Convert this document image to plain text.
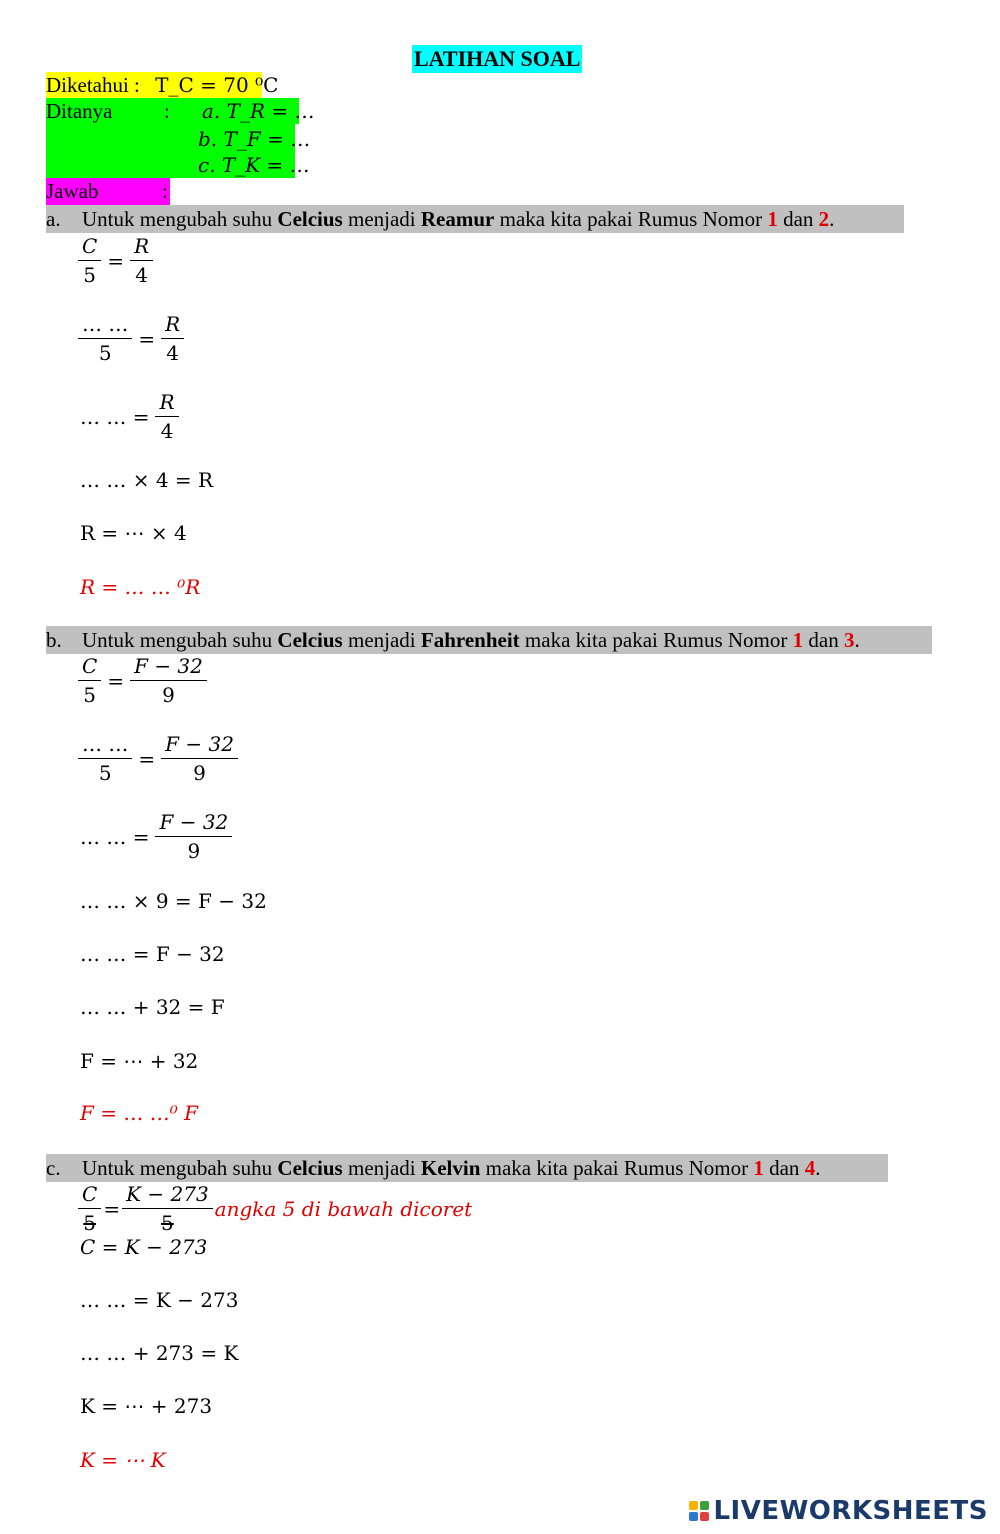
LATIHAN SOAL
Diketahui : T_C = 70 ⁰C
Ditanya : a. T_R = …
b. T_F = …
c. T_K = …
Jawab	:
a. Untuk mengubah suhu Celcius menjadi Reamur maka kita pakai Rumus Nomor 1 dan 2.
$\frac{C}{5} = \frac{R}{4}$
$\frac{\dots \dots}{5} = \frac{R}{4}$
… … = $\frac{R}{4}$
… … × 4 = R
R = ⋯ × 4
R = … … ⁰R
b. Untuk mengubah suhu Celcius menjadi Fahrenheit maka kita pakai Rumus Nomor 1 dan 3.
$\frac{C}{5} = \frac{F - 32}{9}$
$\frac{\dots \dots}{5} = \frac{F - 32}{9}$
… … = $\frac{F - 32}{9}$
… … × 9 = F − 32
… … = F − 32
… … + 32 = F
F = ⋯ + 32
F = … …⁰ F
c. Untuk mengubah suhu Celcius menjadi Kelvin maka kita pakai Rumus Nomor 1 dan 4.
$\frac{C}{5} = \frac{K - 273}{5}$ angka 5 di bawah dicoret
C = K − 273
… … = K − 273
… … + 273 = K
K = ⋯ + 273
K = ⋯ K
LIVEWORKSHEETS
